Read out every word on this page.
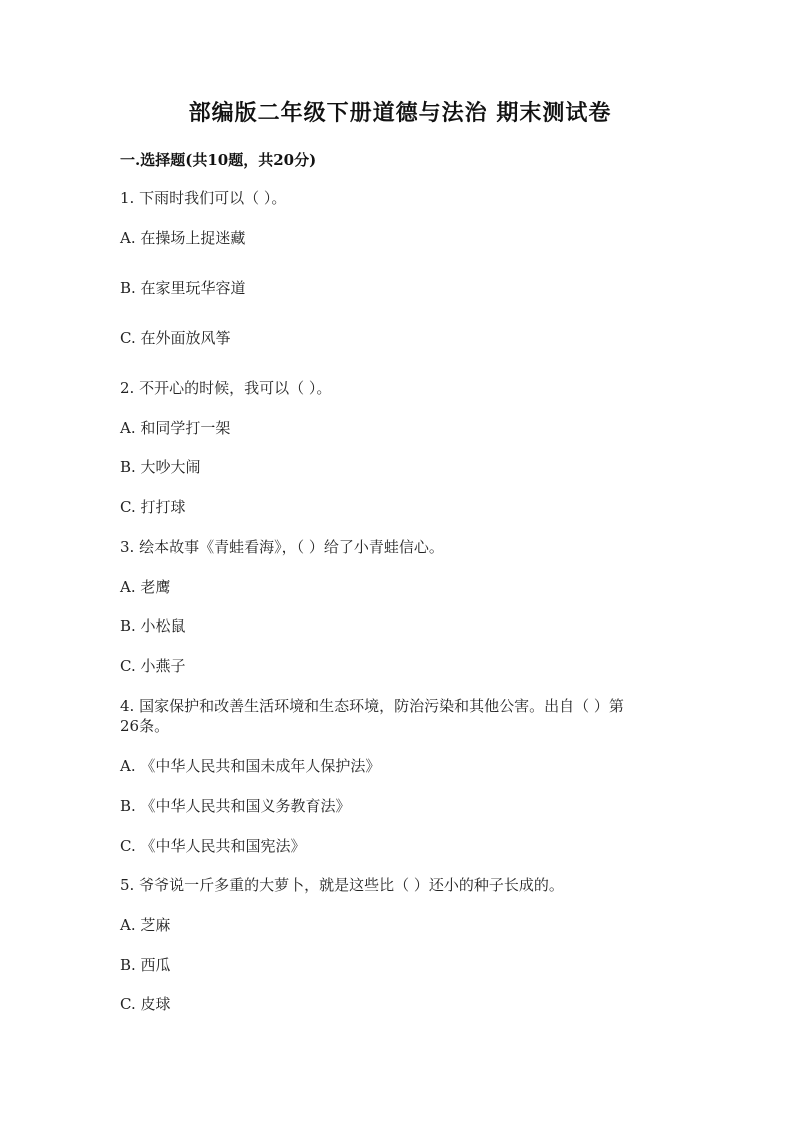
部编版二年级下册道德与法治 期末测试卷
一.选择题(共10题，共20分)
1. 下雨时我们可以（ ）。
A. 在操场上捉迷藏
B. 在家里玩华容道
C. 在外面放风筝
2. 不开心的时候，我可以（ ）。
A. 和同学打一架
B. 大吵大闹
C. 打打球
3. 绘本故事《青蛙看海》，（ ）给了小青蛙信心。
A. 老鹰
B. 小松鼠
C. 小燕子
4. 国家保护和改善生活环境和生态环境，防治污染和其他公害。出自（ ）第26条。
A. 《中华人民共和国未成年人保护法》
B. 《中华人民共和国义务教育法》
C. 《中华人民共和国宪法》
5. 爷爷说一斤多重的大萝卜，就是这些比（ ）还小的种子长成的。
A. 芝麻
B. 西瓜
C. 皮球
